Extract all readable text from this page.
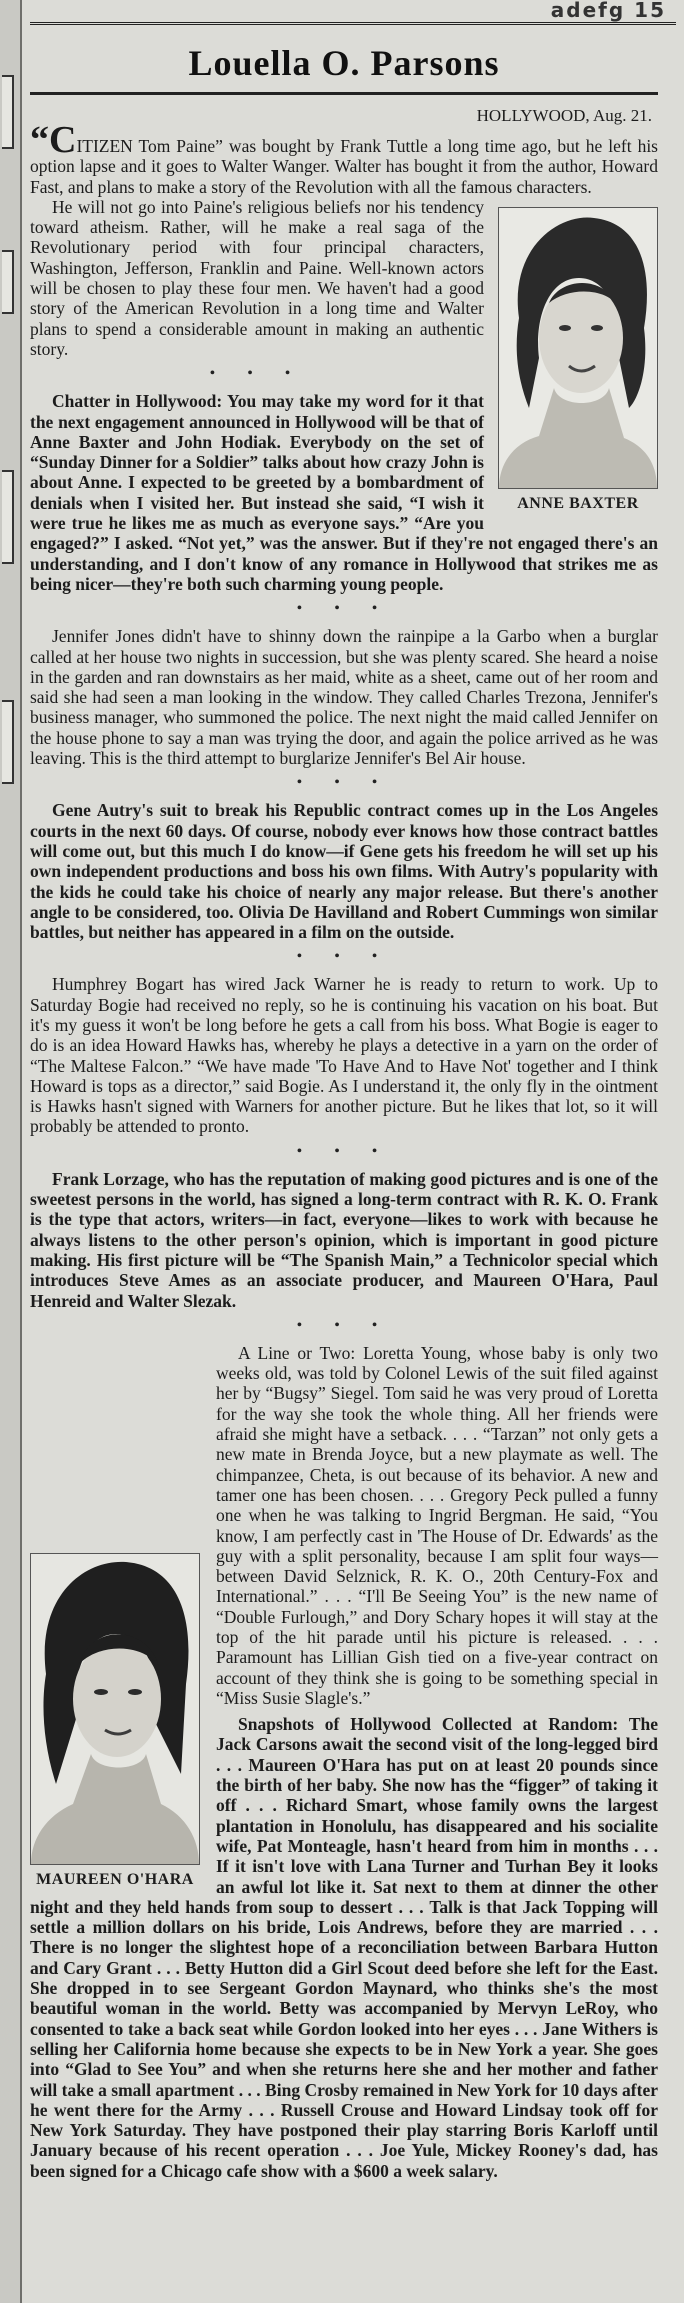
adefg 15
Louella O. Parsons
HOLLYWOOD, Aug. 21.

“CITIZEN Tom Paine” was bought by Frank Tuttle a long time ago, but he left his option lapse and it goes to Walter Wanger. Walter has bought it from the author, Howard Fast, and plans to make a story of the Revolution with all the famous characters.

ANNE BAXTER

He will not go into Paine's religious beliefs nor his tendency toward atheism. Rather, will he make a real saga of the Revolutionary period with four principal characters, Washington, Jefferson, Franklin and Paine. Well-known actors will be chosen to play these four men. We haven't had a good story of the American Revolution in a long time and Walter plans to spend a considerable amount in making an authentic story.

• • •

Chatter in Hollywood: You may take my word for it that the next engagement announced in Hollywood will be that of Anne Baxter and John Hodiak. Everybody on the set of “Sunday Dinner for a Soldier” talks about how crazy John is about Anne. I expected to be greeted by a bombardment of denials when I visited her. But instead she said, “I wish it were true he likes me as much as everyone says.” “Are you engaged?” I asked. “Not yet,” was the answer. But if they're not engaged there's an understanding, and I don't know of any romance in Hollywood that strikes me as being nicer—they're both such charming young people.

• • •

Jennifer Jones didn't have to shinny down the rainpipe a la Garbo when a burglar called at her house two nights in succession, but she was plenty scared. She heard a noise in the garden and ran downstairs as her maid, white as a sheet, came out of her room and said she had seen a man looking in the window. They called Charles Trezona, Jennifer's business manager, who summoned the police. The next night the maid called Jennifer on the house phone to say a man was trying the door, and again the police arrived as he was leaving. This is the third attempt to burglarize Jennifer's Bel Air house.

• • •

Gene Autry's suit to break his Republic contract comes up in the Los Angeles courts in the next 60 days. Of course, nobody ever knows how those contract battles will come out, but this much I do know—if Gene gets his freedom he will set up his own independent productions and boss his own films. With Autry's popularity with the kids he could take his choice of nearly any major release. But there's another angle to be considered, too. Olivia De Havilland and Robert Cummings won similar battles, but neither has appeared in a film on the outside.

• • •

Humphrey Bogart has wired Jack Warner he is ready to return to work. Up to Saturday Bogie had received no reply, so he is continuing his vacation on his boat. But it's my guess it won't be long before he gets a call from his boss. What Bogie is eager to do is an idea Howard Hawks has, whereby he plays a detective in a yarn on the order of “The Maltese Falcon.” “We have made 'To Have And to Have Not' together and I think Howard is tops as a director,” said Bogie. As I understand it, the only fly in the ointment is Hawks hasn't signed with Warners for another picture. But he likes that lot, so it will probably be attended to pronto.

• • •

Frank Lorzage, who has the reputation of making good pictures and is one of the sweetest persons in the world, has signed a long-term contract with R. K. O. Frank is the type that actors, writers—in fact, everyone—likes to work with because he always listens to the other person's opinion, which is important in good picture making. His first picture will be “The Spanish Main,” a Technicolor special which introduces Steve Ames as an associate producer, and Maureen O'Hara, Paul Henreid and Walter Slezak.

• • •
MAUREEN O'HARA

A Line or Two: Loretta Young, whose baby is only two weeks old, was told by Colonel Lewis of the suit filed against her by “Bugsy” Siegel. Tom said he was very proud of Loretta for the way she took the whole thing. All her friends were afraid she might have a setback. . . . “Tarzan” not only gets a new mate in Brenda Joyce, but a new playmate as well. The chimpanzee, Cheta, is out because of its behavior. A new and tamer one has been chosen. . . . Gregory Peck pulled a funny one when he was talking to Ingrid Bergman. He said, “You know, I am perfectly cast in 'The House of Dr. Edwards' as the guy with a split personality, because I am split four ways—between David Selznick, R. K. O., 20th Century-Fox and International.” . . . “I'll Be Seeing You” is the new name of “Double Furlough,” and Dory Schary hopes it will stay at the top of the hit parade until his picture is released. . . . Paramount has Lillian Gish tied on a five-year contract on account of they think she is going to be something special in “Miss Susie Slagle's.”

Snapshots of Hollywood Collected at Random: The Jack Carsons await the second visit of the long-legged bird . . . Maureen O'Hara has put on at least 20 pounds since the birth of her baby. She now has the “figger” of taking it off . . . Richard Smart, whose family owns the largest plantation in Honolulu, has disappeared and his socialite wife, Pat Monteagle, hasn't heard from him in months . . . If it isn't love with Lana Turner and Turhan Bey it looks an awful lot like it. Sat next to them at dinner the other night and they held hands from soup to dessert . . . Talk is that Jack Topping will settle a million dollars on his bride, Lois Andrews, before they are married . . . There is no longer the slightest hope of a reconciliation between Barbara Hutton and Cary Grant . . . Betty Hutton did a Girl Scout deed before she left for the East. She dropped in to see Sergeant Gordon Maynard, who thinks she's the most beautiful woman in the world. Betty was accompanied by Mervyn LeRoy, who consented to take a back seat while Gordon looked into her eyes . . . Jane Withers is selling her California home because she expects to be in New York a year. She goes into “Glad to See You” and when she returns here she and her mother and father will take a small apartment . . . Bing Crosby remained in New York for 10 days after he went there for the Army . . . Russell Crouse and Howard Lindsay took off for New York Saturday. They have postponed their play starring Boris Karloff until January because of his recent operation . . . Joe Yule, Mickey Rooney's dad, has been signed for a Chicago cafe show with a $600 a week salary.
